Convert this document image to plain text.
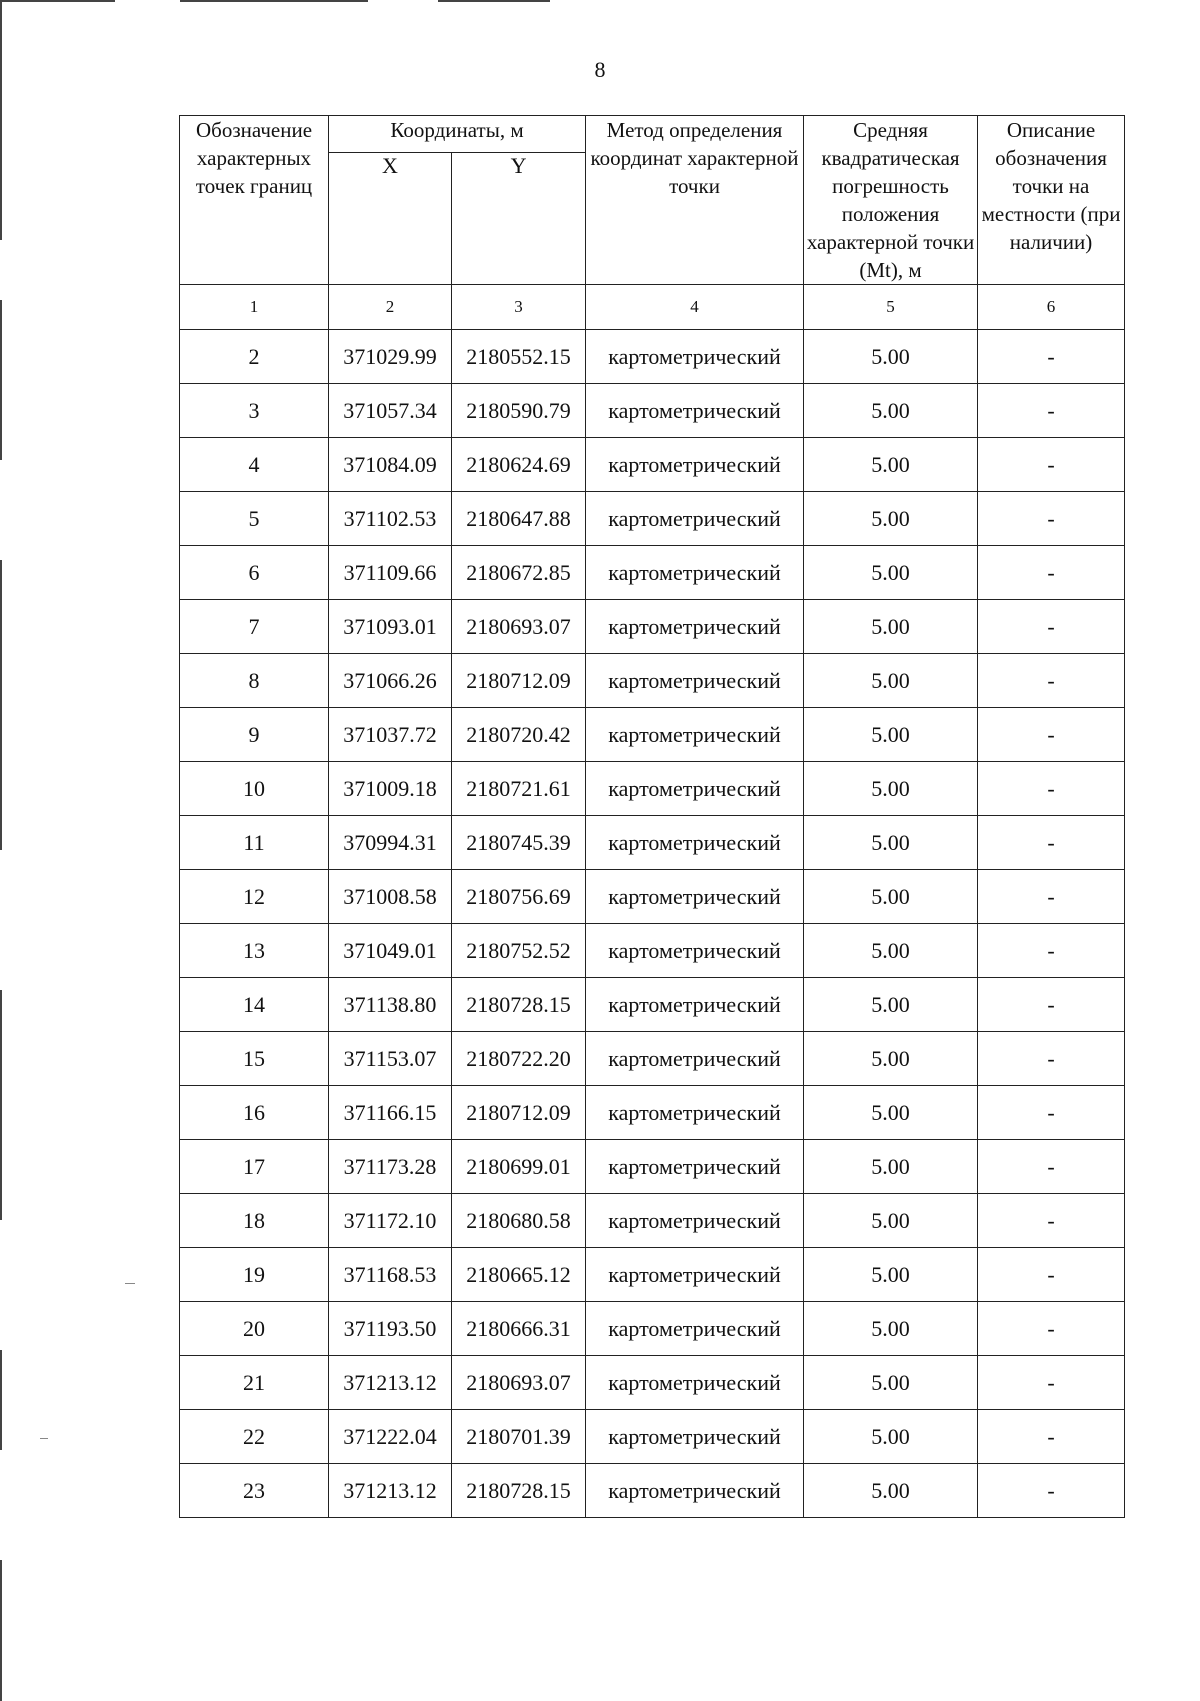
8
Обозначение характерных точек границ	Координаты, м		Метод определения координат характерной точки	Средняя квадратическая погрешность положения характерной точки (Mt), м	Описание обозначения точки на местности (при наличии)
	X	Y			
1	2	3	4	5	6
2	371029.99	2180552.15	картометрический	5.00	-
3	371057.34	2180590.79	картометрический	5.00	-
4	371084.09	2180624.69	картометрический	5.00	-
5	371102.53	2180647.88	картометрический	5.00	-
6	371109.66	2180672.85	картометрический	5.00	-
7	371093.01	2180693.07	картометрический	5.00	-
8	371066.26	2180712.09	картометрический	5.00	-
9	371037.72	2180720.42	картометрический	5.00	-
10	371009.18	2180721.61	картометрический	5.00	-
11	370994.31	2180745.39	картометрический	5.00	-
12	371008.58	2180756.69	картометрический	5.00	-
13	371049.01	2180752.52	картометрический	5.00	-
14	371138.80	2180728.15	картометрический	5.00	-
15	371153.07	2180722.20	картометрический	5.00	-
16	371166.15	2180712.09	картометрический	5.00	-
17	371173.28	2180699.01	картометрический	5.00	-
18	371172.10	2180680.58	картометрический	5.00	-
19	371168.53	2180665.12	картометрический	5.00	-
20	371193.50	2180666.31	картометрический	5.00	-
21	371213.12	2180693.07	картометрический	5.00	-
22	371222.04	2180701.39	картометрический	5.00	-
23	371213.12	2180728.15	картометрический	5.00	-
